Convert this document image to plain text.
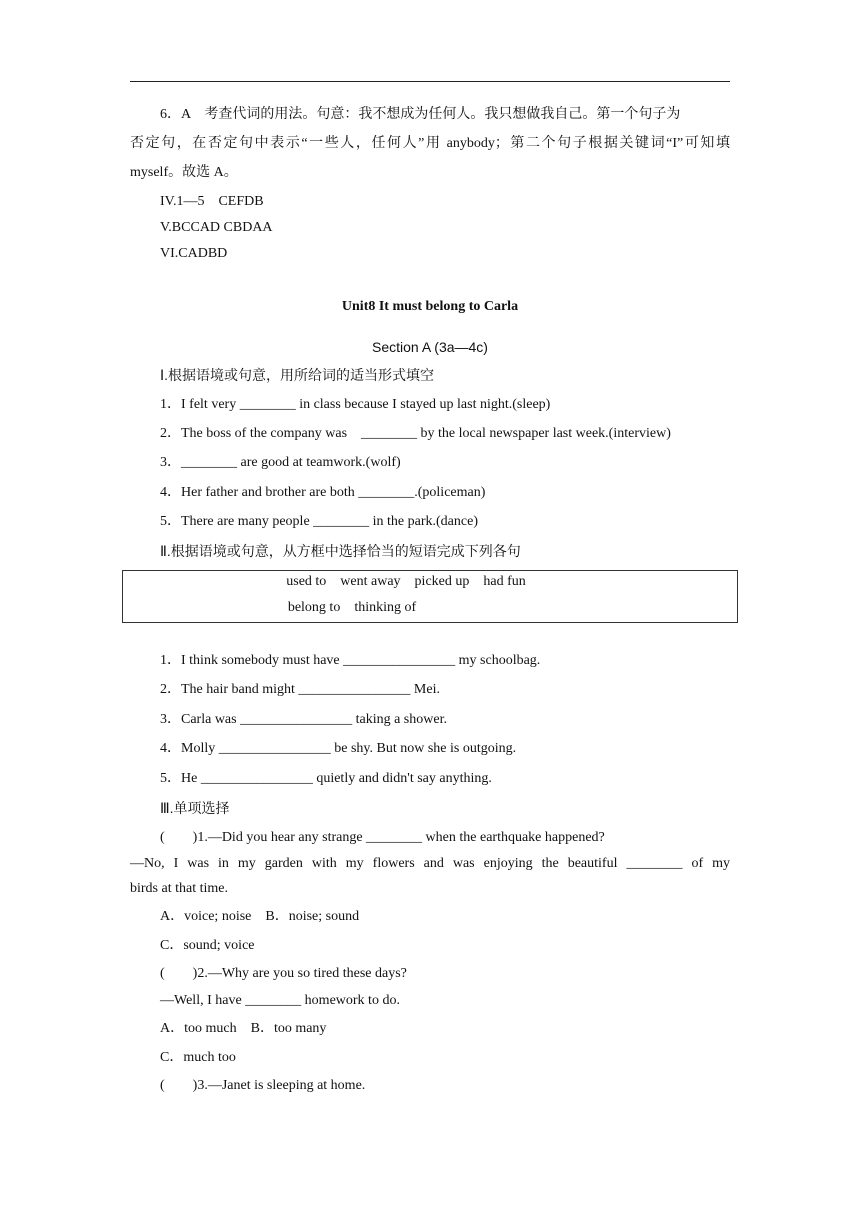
6．A　考查代词的用法。句意：我不想成为任何人。我只想做我自己。第一个句子为
否定句，在否定句中表示“一些人，任何人”用 anybody；第二个句子根据关键词“I”可知填
myself。故选 A。
IV.1—5　CEFDB
V.BCCAD CBDAA
VI.CADBD
Unit8 It must belong to Carla
Section A (3a—4c)
Ⅰ.根据语境或句意，用所给词的适当形式填空
1．I felt very ________ in class because I stayed up last night.(sleep)
2．The boss of the company was　________ by the local newspaper last week.(interview)
3．________ are good at teamwork.(wolf)
4．Her father and brother are both ________.(policeman)
5．There are many people ________ in the park.(dance)
Ⅱ.根据语境或句意，从方框中选择恰当的短语完成下列各句
used to　went away　picked up　had fun
belong to　thinking of
1．I think somebody must have ________________ my schoolbag.
2．The hair band might ________________ Mei.
3．Carla was ________________ taking a shower.
4．Molly ________________ be shy. But now she is outgoing.
5．He ________________ quietly and didn't say anything.
Ⅲ.单项选择
(　　)1.—Did you hear any strange ________ when the earthquake happened?
—No, I was in my garden with my flowers and was enjoying the beautiful ________ of my
birds at that time.
A．voice; noise　B．noise; sound
C．sound; voice
(　　)2.—Why are you so tired these days?
—Well, I have ________ homework to do.
A．too much　B．too many
C．much too
(　　)3.—Janet is sleeping at home.
